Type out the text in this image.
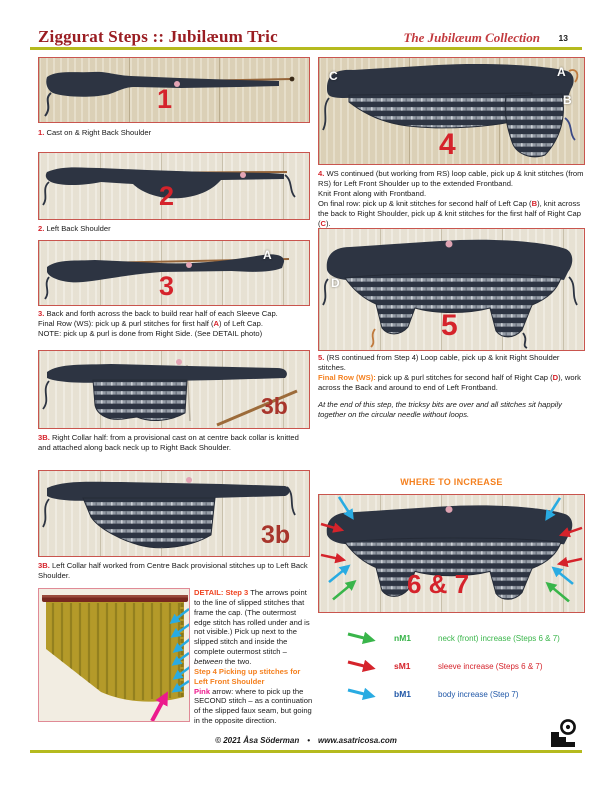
Ziggurat Steps :: Jubilæum Tric	The Jubilæum Collection 13
1

1. Cast on & Right Back Shoulder

2

2. Left Back Shoulder

A
3

3. Back and forth across the back to build rear half of each Sleeve Cap.
Final Row (WS): pick up & purl stitches for first half (A) of Left Cap.
NOTE: pick up & purl is done from Right Side. (See DETAIL photo)

3b

3B. Right Collar half: from a provisional cast on at centre back collar is knitted and attached along back neck up to Right Back Shoulder.

3b

3B. Left Collar half worked from Centre Back provisional stitches up to Left Back Shoulder.

DETAIL: Step 3 The arrows point to the line of slipped stitches that frame the cap. (The outermost edge stitch has rolled under and is not visible.) Pick up next to the slipped stitch and inside the complete outermost stitch –between the two.
Step 4 Picking up stitches for Left Front Shoulder
Pink arrow: where to pick up the SECOND stitch – as a continuation of the slipped faux seam, but going in the opposite direction.
C	A
B
4

4. WS continued (but working from RS) loop cable, pick up & knit stitches (from RS) for Left Front Shoulder up to the extended Frontband.
Knit Front along with Frontband.
On final row: pick up & knit stitches for second half of Left Cap (B), knit across the back to Right Shoulder, pick up & knit stitches for the first half of Right Cap (C).

D
5

5. (RS continued from Step 4) Loop cable, pick up & knit Right Shoulder stitches.
Final Row (WS): pick up & purl stitches for second half of Right Cap (D), work across the Back and around to end of Left Frontband.
At the end of this step, the tricksy bits are over and all stitches sit happily together on the circular needle without loops.

WHERE TO INCREASE
6 & 7
nM1	neck (front) increase (Steps 6 & 7)
sM1	sleeve increase (Steps 6 & 7)
bM1	body increase (Step 7)
© 2021 Åsa Söderman • www.asatricosa.com
